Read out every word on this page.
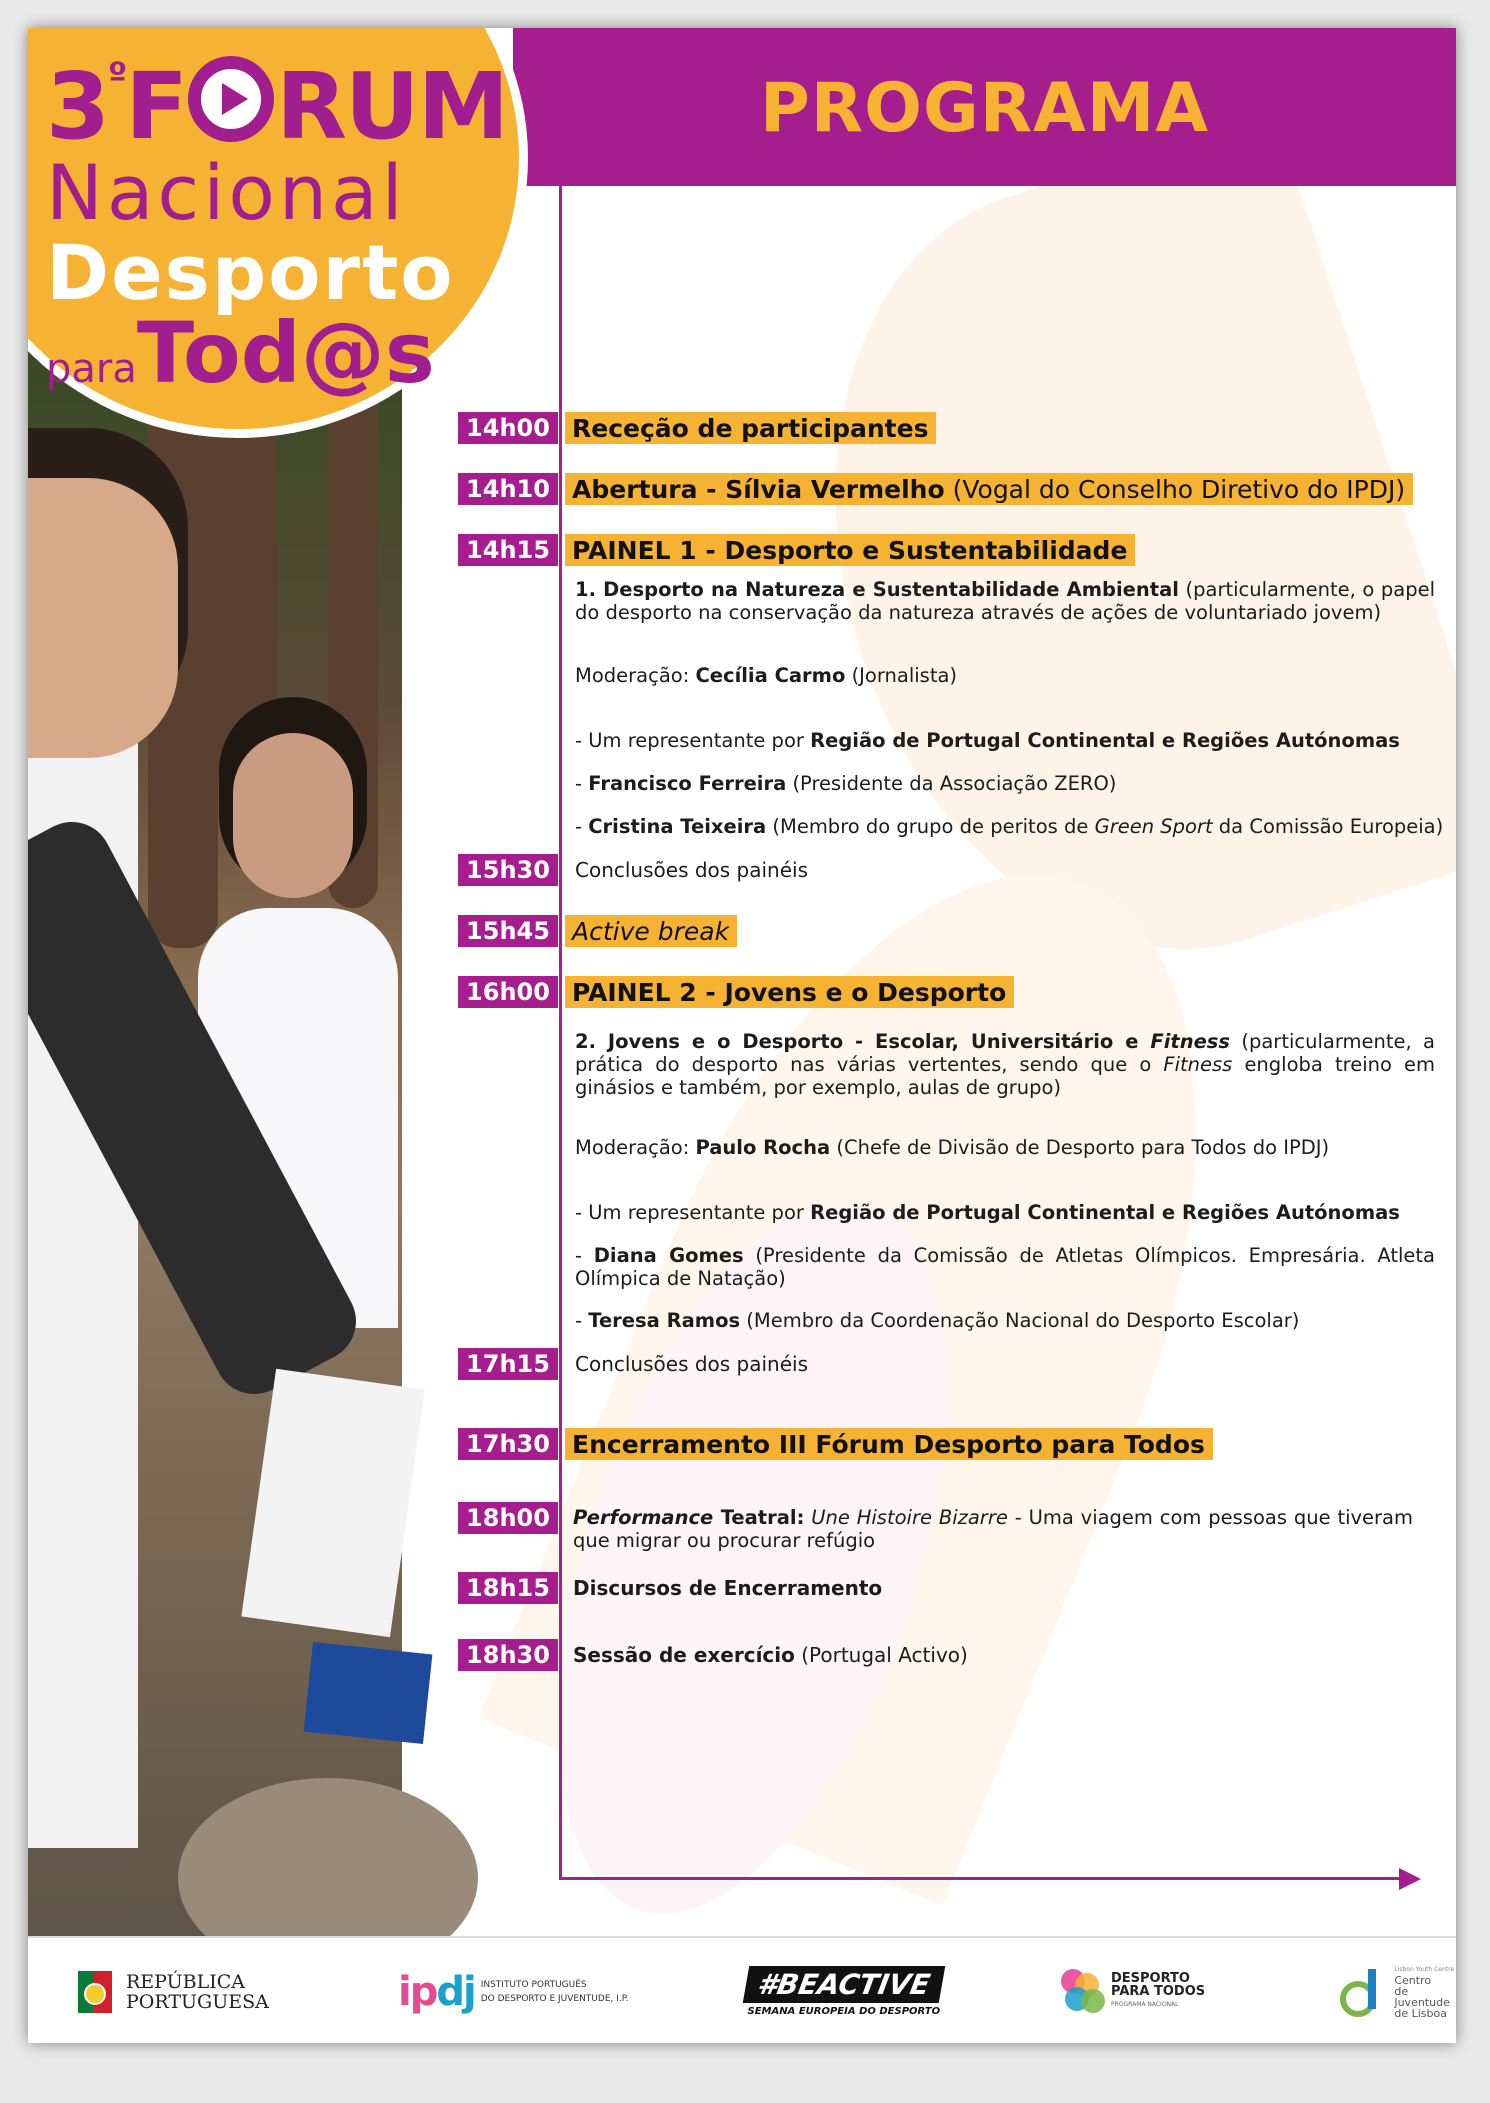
PROGRAMA
$3^ºF$ RUM
Nacional
Desporto
paraTod@s
14h00 Receção de participantes
14h10 Abertura - Sílvia Vermelho (Vogal do Conselho Diretivo do IPDJ)
14h15 PAINEL 1 - Desporto e Sustentabilidade
1. Desporto na Natureza e Sustentabilidade Ambiental (particularmente, o papel do desporto na conservação da natureza através de ações de voluntariado jovem)
Moderação: Cecília Carmo (Jornalista)
- Um representante por Região de Portugal Continental e Regiões Autónomas
- Francisco Ferreira (Presidente da Associação ZERO)
- Cristina Teixeira (Membro do grupo de peritos de Green Sport da Comissão Europeia)
15h30	Conclusões dos painéis
15h45 Active break
16h00 PAINEL 2 - Jovens e o Desporto
2. Jovens e o Desporto - Escolar, Universitário e Fitness (particularmente, a prática do desporto nas várias vertentes, sendo que o Fitness engloba treino em ginásios e também, por exemplo, aulas de grupo)
Moderação: Paulo Rocha (Chefe de Divisão de Desporto para Todos do IPDJ)
- Um representante por Região de Portugal Continental e Regiões Autónomas
- Diana Gomes (Presidente da Comissão de Atletas Olímpicos. Empresária. Atleta Olímpica de Natação)
- Teresa Ramos (Membro da Coordenação Nacional do Desporto Escolar)
17h15	Conclusões dos painéis
17h30 Encerramento III Fórum Desporto para Todos
18h00	Performance Teatral: Une Histoire Bizarre - Uma viagem com pessoas que tiveram que migrar ou procurar refúgio
18h15	Discursos de Encerramento
18h30	Sessão de exercício (Portugal Activo)
REPÚBLICA
PORTUGUESA	ipdj INSTITUTO PORTUGUÊS
DO DESPORTO E JUVENTUDE, I.P.	#BEACTIVE
SEMANA EUROPEIA DO DESPORTO
DESPORTO
PARA TODOS
PROGRAMA NACIONAL
Lisbon Youth Centre
Centro
de Juventude
de Lisboa
